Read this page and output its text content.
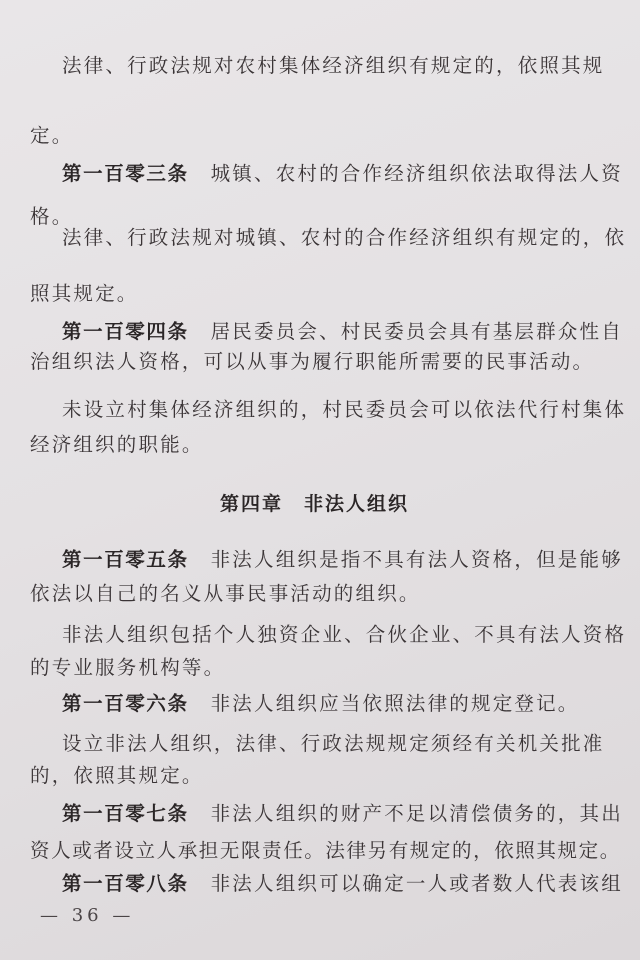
法律、行政法规对农村集体经济组织有规定的，依照其规
定。
第一百零三条 城镇、农村的合作经济组织依法取得法人资
格。
法律、行政法规对城镇、农村的合作经济组织有规定的，依
照其规定。
第一百零四条 居民委员会、村民委员会具有基层群众性自
治组织法人资格，可以从事为履行职能所需要的民事活动。
未设立村集体经济组织的，村民委员会可以依法代行村集体
经济组织的职能。
第四章　非法人组织
第一百零五条 非法人组织是指不具有法人资格，但是能够
依法以自己的名义从事民事活动的组织。
非法人组织包括个人独资企业、合伙企业、不具有法人资格
的专业服务机构等。
第一百零六条 非法人组织应当依照法律的规定登记。
设立非法人组织，法律、行政法规规定须经有关机关批准
的，依照其规定。
第一百零七条 非法人组织的财产不足以清偿债务的，其出
资人或者设立人承担无限责任。法律另有规定的，依照其规定。
第一百零八条 非法人组织可以确定一人或者数人代表该组
— 36 —
